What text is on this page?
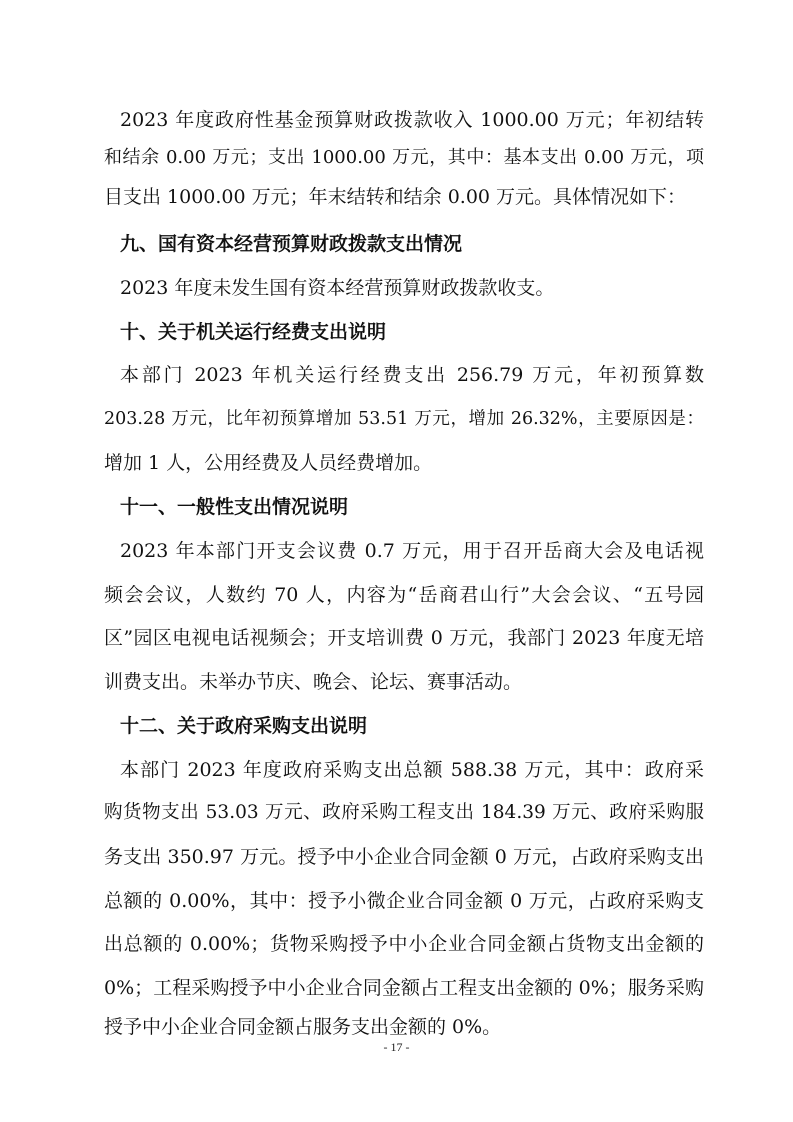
2023 年度政府性基金预算财政拨款收入 1000.00 万元；年初结转
和结余 0.00 万元；支出 1000.00 万元，其中：基本支出 0.00 万元，项
目支出 1000.00 万元；年末结转和结余 0.00 万元。具体情况如下：
九、国有资本经营预算财政拨款支出情况
2023 年度未发生国有资本经营预算财政拨款收支。
十、关于机关运行经费支出说明
本部门 2023 年机关运行经费支出 256.79 万元，年初预算数
203.28 万元，比年初预算增加 53.51 万元，增加 26.32%，主要原因是：
增加 1 人，公用经费及人员经费增加。
十一、一般性支出情况说明
2023 年本部门开支会议费 0.7 万元，用于召开岳商大会及电话视
频会会议，人数约 70 人，内容为“岳商君山行”大会会议、“五号园
区”园区电视电话视频会；开支培训费 0 万元，我部门 2023 年度无培
训费支出。未举办节庆、晚会、论坛、赛事活动。
十二、关于政府采购支出说明
本部门 2023 年度政府采购支出总额 588.38 万元，其中：政府采
购货物支出 53.03 万元、政府采购工程支出 184.39 万元、政府采购服
务支出 350.97 万元。授予中小企业合同金额 0 万元，占政府采购支出
总额的 0.00%，其中：授予小微企业合同金额 0 万元，占政府采购支
出总额的 0.00%；货物采购授予中小企业合同金额占货物支出金额的
0%；工程采购授予中小企业合同金额占工程支出金额的 0%；服务采购
授予中小企业合同金额占服务支出金额的 0%。
- 17 -
